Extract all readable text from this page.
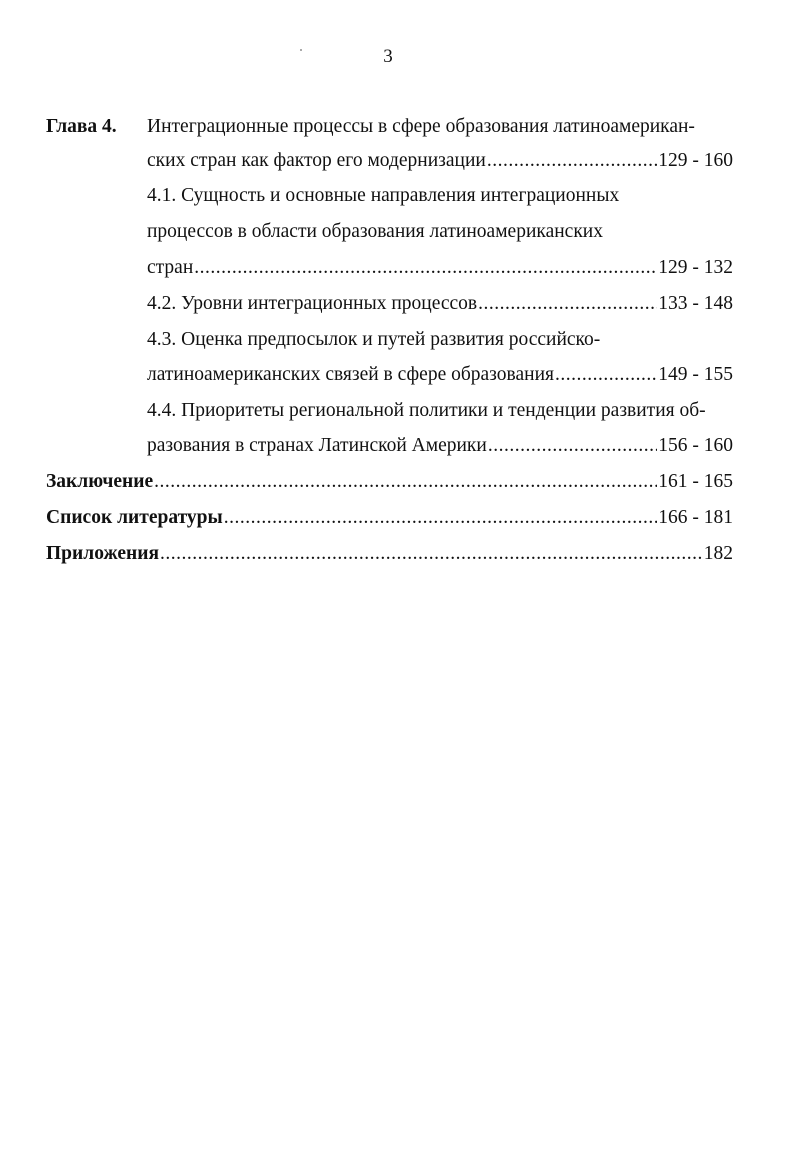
3
Глава 4. Интеграционные процессы в сфере образования латиноамерикан-
ских стран как фактор его модернизации .....	129 - 160
4.1. Сущность и основные направления интеграционных
процессов в области образования латиноамериканских
стран .....	129 - 132
4.2. Уровни интеграционных процессов .....	133 - 148
4.3. Оценка предпосылок и путей развития российско-
латиноамериканских связей в сфере образования .....	149 - 155
4.4. Приоритеты региональной политики и тенденции развития об-
разования в странах Латинской Америки .....	156 - 160
Заключение .....	161 - 165
Список литературы .....	166 - 181
Приложения .....	182
